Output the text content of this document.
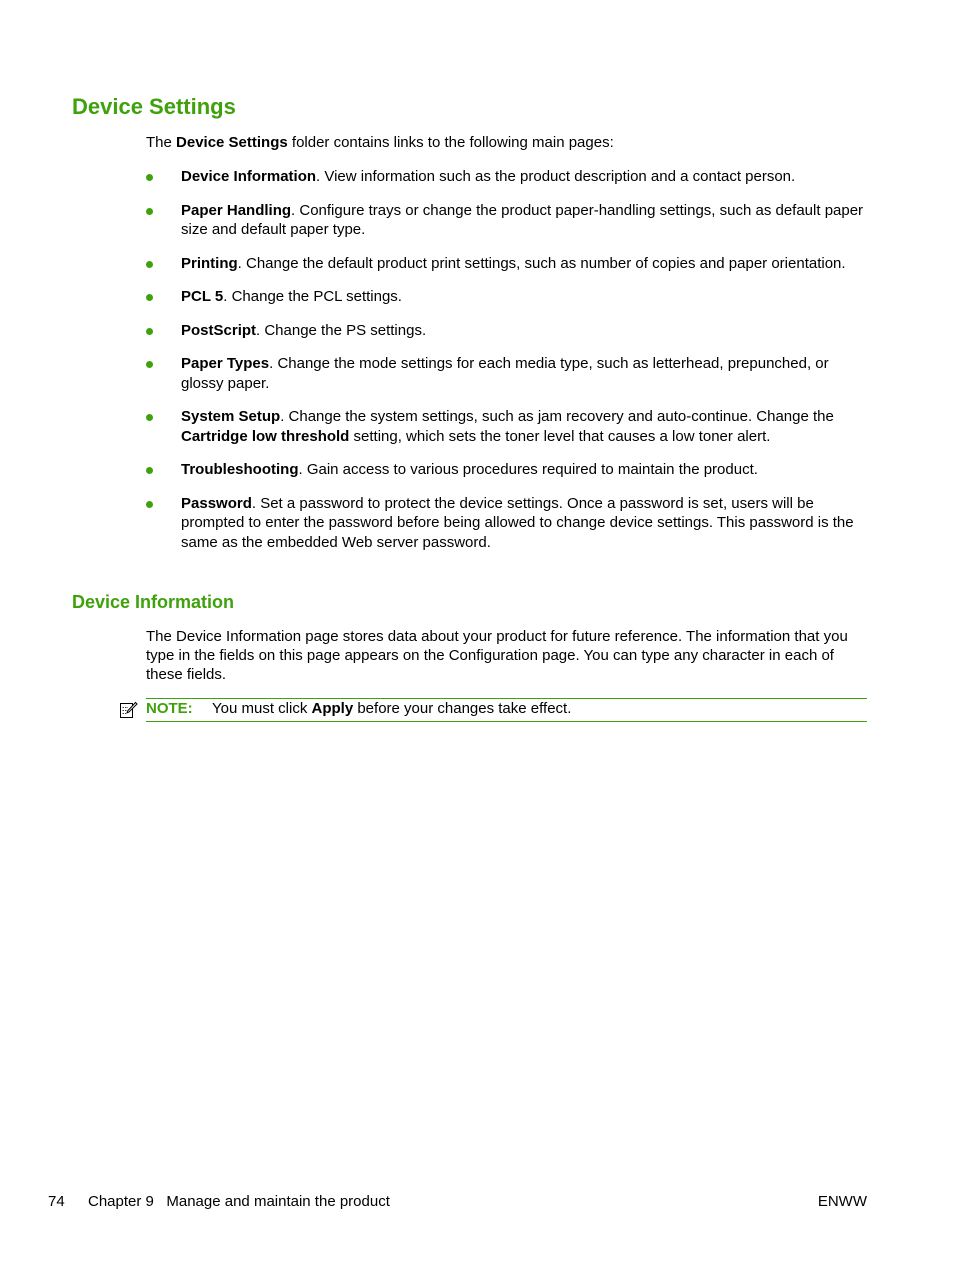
Device Settings

The Device Settings folder contains links to the following main pages:

Device Information. View information such as the product description and a contact person.
Paper Handling. Configure trays or change the product paper-handling settings, such as default paper size and default paper type.
Printing. Change the default product print settings, such as number of copies and paper orientation.
PCL 5. Change the PCL settings.
PostScript. Change the PS settings.
Paper Types. Change the mode settings for each media type, such as letterhead, prepunched, or glossy paper.
System Setup. Change the system settings, such as jam recovery and auto-continue. Change the Cartridge low threshold setting, which sets the toner level that causes a low toner alert.
Troubleshooting. Gain access to various procedures required to maintain the product.
Password. Set a password to protect the device settings. Once a password is set, users will be prompted to enter the password before being allowed to change device settings. This password is the same as the embedded Web server password.
Device Information

The Device Information page stores data about your product for future reference. The information that you type in the fields on this page appears on the Configuration page. You can type any character in each of these fields.

NOTE: You must click Apply before your changes take effect.
74 Chapter 9   Manage and maintain the product	ENWW
